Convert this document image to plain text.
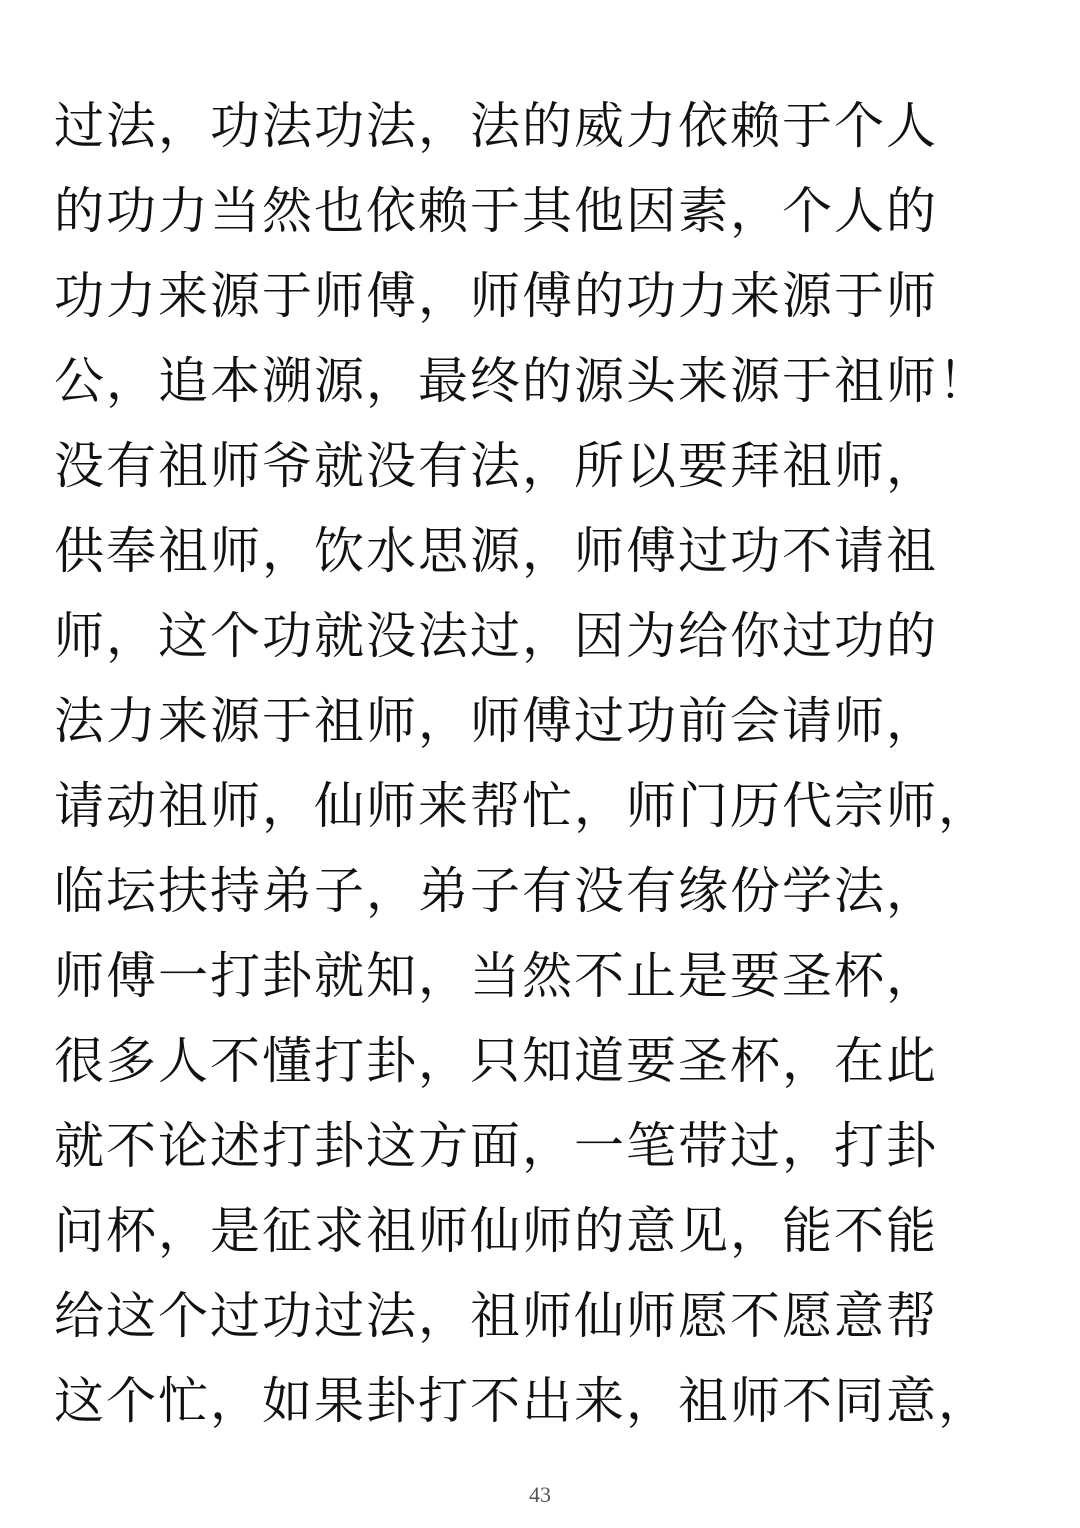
过法，功法功法，法的威力依赖于个人
的功力当然也依赖于其他因素，个人的
功力来源于师傅，师傅的功力来源于师
公，追本溯源，最终的源头来源于祖师！
没有祖师爷就没有法，所以要拜祖师，
供奉祖师，饮水思源，师傅过功不请祖
师，这个功就没法过，因为给你过功的
法力来源于祖师，师傅过功前会请师，
请动祖师，仙师来帮忙，师门历代宗师，
临坛扶持弟子，弟子有没有缘份学法，
师傅一打卦就知，当然不止是要圣杯，
很多人不懂打卦，只知道要圣杯，在此
就不论述打卦这方面，一笔带过，打卦
问杯，是征求祖师仙师的意见，能不能
给这个过功过法，祖师仙师愿不愿意帮
这个忙，如果卦打不出来，祖师不同意，
43
